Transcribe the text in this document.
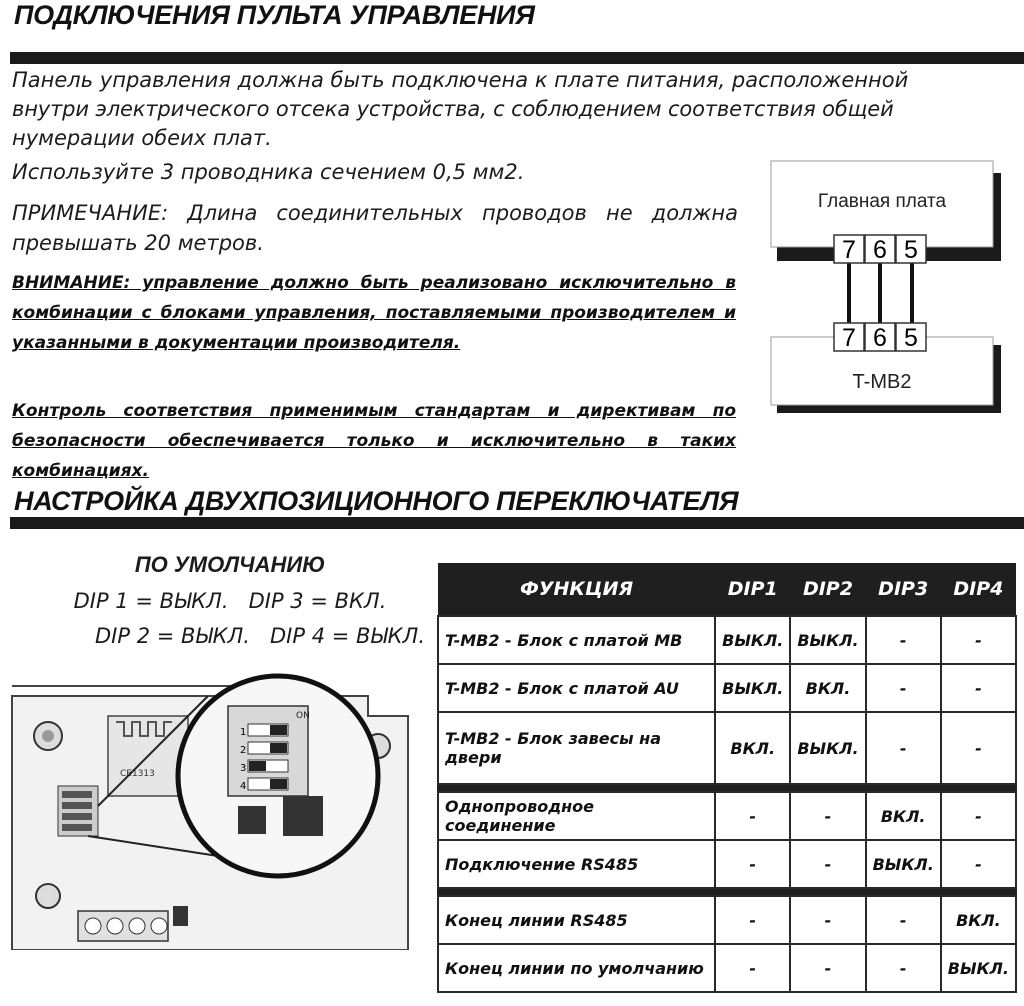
ПОДКЛЮЧЕНИЯ ПУЛЬТА УПРАВЛЕНИЯ
Панель управления должна быть подключена к плате питания, расположенной
внутри электрического отсека устройства, с соблюдением соответствия общей
нумерации обеих плат.
Используйте 3 проводника сечением 0,5 мм2.
ПРИМЕЧАНИЕ: Длина соединительных проводов не должна превышать 20 метров.
ВНИМАНИЕ: управление должно быть реализовано исключительно в комбинации с блоками управления, поставляемыми производителем и указанными в документации производителя.
Контроль соответствия применимым стандартам и директивам по безопасности обеспечивается только и исключительно в таких комбинациях.
Главная плата
T-MB2
7 6 5
7 6 5
НАСТРОЙКА ДВУХПОЗИЦИОННОГО ПЕРЕКЛЮЧАТЕЛЯ
ПО УМОЛЧАНИЮ
DIP 1 = ВЫКЛ. DIP 3 = ВКЛ.
DIP 2 = ВЫКЛ. DIP 4 = ВЫКЛ.
CE1313
ON
1
2
3
4
ФУНКЦИЯ	DIP1	DIP2	DIP3	DIP4
T-MB2 - Блок с платой MB	ВЫКЛ.	ВЫКЛ.	-	-
T-MB2 - Блок с платой AU	ВЫКЛ.	ВКЛ.	-	-
T-MB2 - Блок завесы на двери	ВКЛ.	ВЫКЛ.	-	-

Однопроводное соединение	-	-	ВКЛ.	-
Подключение RS485	-	-	ВЫКЛ.	-

Конец линии RS485	-	-	-	ВКЛ.
Конец линии по умолчанию	-	-	-	ВЫКЛ.
